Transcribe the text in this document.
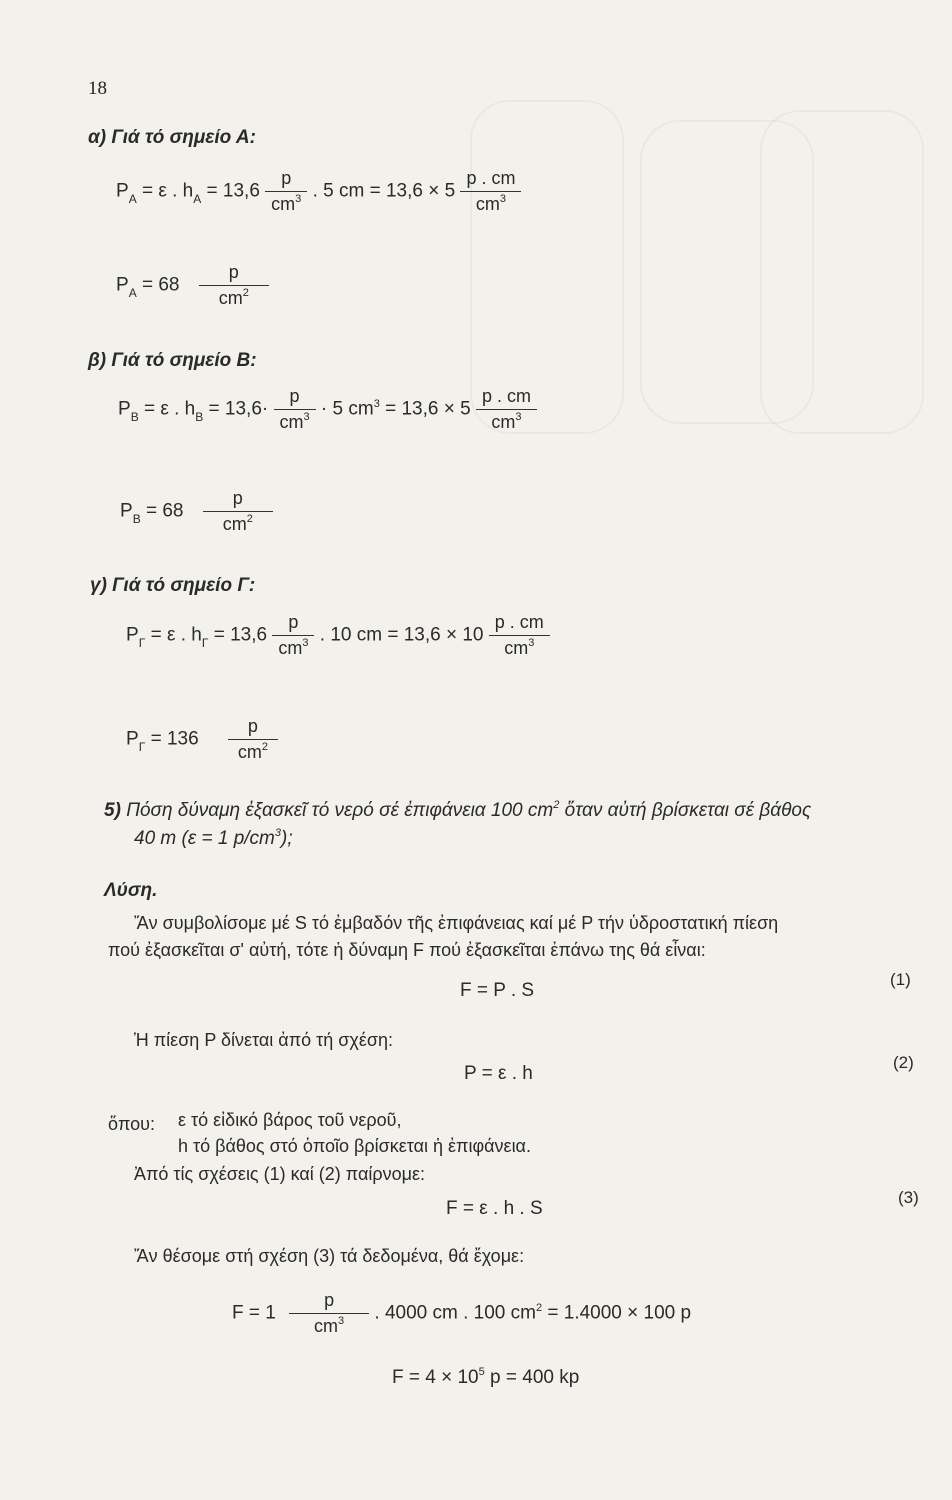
18
α) Γιά τό σημείο Α:
$P_A = \varepsilon$ . $h_A = 13,6 \frac{p}{cm^3}$ . 5 cm = $13,6 \times 5 \frac{p . cm}{cm^3}$
$P_A = 68 \frac{p}{cm^2}$
β) Γιά τό σημείο Β:
$P_B = \varepsilon$ . $h_B = 13,6\cdot \frac{p}{cm^3} \cdot 5$ $cm^3 = 13,6 \times 5 \frac{p . cm}{cm^3}$
$P_B = 68 \frac{p}{cm^2}$
γ) Γιά τό σημείο Γ:
$P_\Gamma = \varepsilon$ . $h_\Gamma = 13,6 \frac{p}{cm^3}$ . 10 cm = $13,6 \times 10 \frac{p . cm}{cm^3}$
$P_\Gamma = 136 \frac{p}{cm^2}$
5) Πόση δύναμη ἐξασκεῖ τό νερό σέ ἐπιφάνεια 100 $cm^2$ ὅταν αὐτή βρίσκεται σέ βάθος
40 m (ε = 1 $p/cm^3$);
Λύση.
Ἄν συμβολίσομε μέ S τό ἐμβαδόν τῆς ἐπιφάνειας καί μέ P τήν ὑδροστατική πίεση
πού ἐξασκεῖται σ' αὐτή, τότε ἡ δύναμη F πού ἐξασκεῖται ἐπάνω της θά εἶναι:
F = P . S
(1)
Ἡ πίεση P δίνεται ἀπό τή σχέση:
P = ε . h
(2)
ὅπου: ε τό εἰδικό βάρος τοῦ νεροῦ,
h τό βάθος στό ὁποῖο βρίσκεται ἡ ἐπιφάνεια.
Ἀπό τίς σχέσεις (1) καί (2) παίρνομε:
F = ε . h . S
(3)
Ἄν θέσομε στή σχέση (3) τά δεδομένα, θά ἔχομε:
$F = 1 \frac{p}{cm^3}$ . 4000 cm . 100 $cm^2 = 1.4000 \times 100$ p
$F = 4 \times 10^5$ p = 400 kp
